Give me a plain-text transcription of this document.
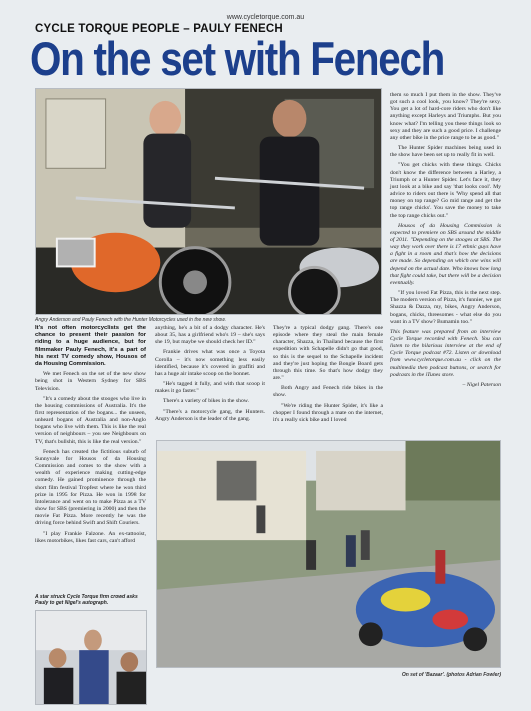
www.cycletorque.com.au
CYCLE TORQUE PEOPLE – PAULY FENECH
On the set with Fenech
Angry Anderson and Pauly Fenech with the Hunter Motorcycles used in the new show.

It's not often motorcyclists get the chance to present their passion for riding to a huge audience, but for filmmaker Pauly Fenech, it's a part of his next TV comedy show, Housos of da Housing Commission.

We met Fenech on the set of the new show being shot in Western Sydney for SBS Television.

"It's a comedy about the stooges who live in the housing commissions of Australia. It's the first representation of the bogans... the unseen, unheard bogans of Australia and non-Anglo bogans who live with them. This is like the real version of neighbours – you see Neighbours on TV, that's bullshit, this is like the real version."

Fenech has created the fictitious suburb of Sunnyvale for Housos of da Housing Commission and comes to the show with a wealth of experience making cutting-edge comedy. He gained prominence through the short film festival Tropfest where he won third prize in 1995 for Pizza. He won in 1998 for Intolerance and went on to make Pizza as a TV show for SBS (premiering in 2000) and then the movie Fat Pizza. More recently he was the driving force behind Swift and Shift Couriers.

"I play Frankie Falzone. An ex-tattooist, likes motorbikes, likes fast cars, can't afford

anything, he's a bit of a dodgy character. He's about 35, has a girlfriend who's 19 – she's says she 19, but maybe we should check her ID."

Frankie drives what was once a Toyota Corolla – it's now something less easily identified, because it's covered in graffiti and has a huge air intake scoop on the bonnet.

"He's tagged it fully, and with that scoop it makes it go faster."

There's a variety of bikes in the show.

"There's a motorcycle gang, the Hunters. Angry Anderson is the leader of the gang.

They're a typical dodgy gang. There's one episode where they steal the main female character, Shazza, in Thailand because the first expedition with Schapelle didn't go that good, so this is the sequel to the Schapelle incident and they're just hoping the Bongie Board gets through this time. So that's how dodgy they are."

Both Angry and Fenech ride bikes in the show.

"We're riding the Hunter Spider, it's like a chopper I found through a mate on the internet, it's a really sick bike and I loved

them so much I put them in the show. They've got such a cool look, you know? They're sexy. You get a lot of hard-core riders who don't like anything except Harleys and Triumphs. But you know what? I'm telling you these things look so sexy and they are such a good price. I challenge any other bike in the price range to be as good."

The Hunter Spider machines being used in the show have been set up to really fit in well.

"You get chicks with these things. Chicks don't know the difference between a Harley, a Triumph or a Hunter Spider. Let's face it, they just look at a bike and say 'that looks cool'. My advice to riders out there is 'Why spend all that money on top range? Go mid range and get the top range chicks'. You save the money to take the top range chicks out."

Housos of da Housing Commission is expected to premiere on SBS around the middle of 2011. "Depending on the stooges at SBS. The way they work over there is 17 ethnic guys have a fight in a room and that's how the decisions are made. So depending on which one wins will depend on the actual date. Who knows how long that fight could take, but there will be a decision eventually.

"If you loved Fat Pizza, this is the next step. The modern version of Pizza, it's funnier, we got Shazza & Dazza, my, bikes, Angry Anderson, bogans, chicks, threesomes - what else do you want in a TV show? Bumamin too."

This feature was prepared from an interview Cycle Torque recorded with Fenech. You can listen to the hilarious interview at the end of Cycle Torque podcast #72. Listen or download from www.cycletorque.com.au - click on the multimedia then podcast buttons, or search for podcasts in the iTunes store.

– Nigel Paterson

A star struck Cycle Torque firm crowd asks Pauly to get Nigel's autograph.
On set of 'Bazaar'. (photos Adrian Fowler)
